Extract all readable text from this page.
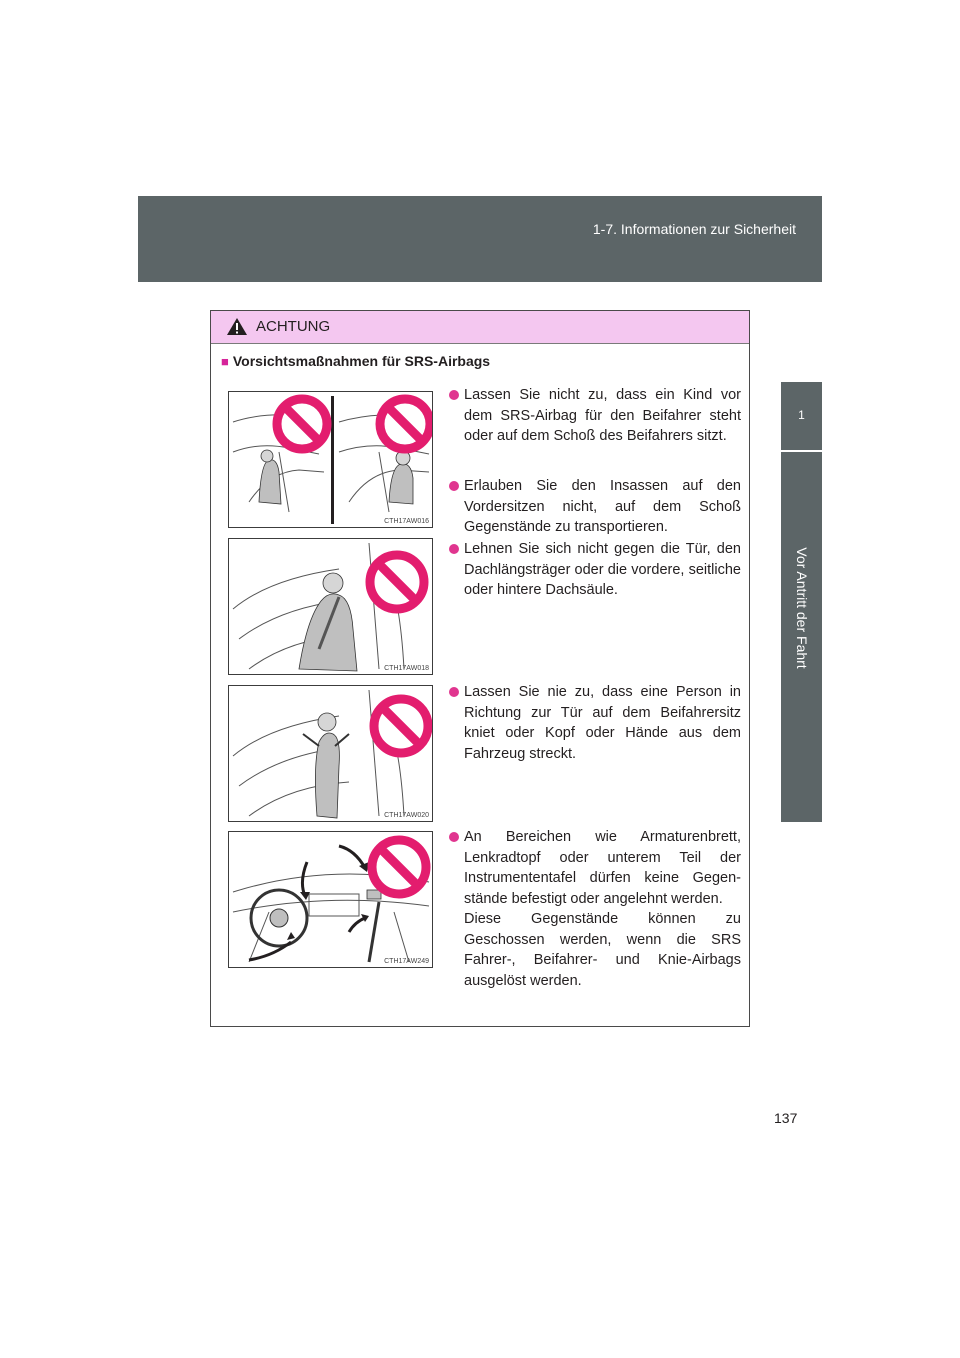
1-7. Informationen zur Sicherheit
1
Vor Antritt der Fahrt
ACHTUNG
■ Vorsichtsmaßnahmen für SRS-Airbags
CTH17AW016
CTH17AW018
CTH17AW020
CTH17AW249

Lassen Sie nicht zu, dass ein Kind vor dem SRS-Airbag für den Beifahrer steht oder auf dem Schoß des Beifahrers sitzt.

Erlauben Sie den Insassen auf den Vordersitzen nicht, auf dem Schoß Gegenstände zu transportieren.

Lehnen Sie sich nicht gegen die Tür, den Dachlängsträger oder die vordere, seitliche oder hintere Dachsäule.

Lassen Sie nie zu, dass eine Person in Richtung zur Tür auf dem Beifahrersitz kniet oder Kopf oder Hände aus dem Fahrzeug streckt.

An Bereichen wie Armaturenbrett, Lenkradtopf oder unterem Teil der Instrumententafel dürfen keine Gegenstände befestigt oder angelehnt werden.

Diese Gegenstände können zu Geschossen werden, wenn die SRS Fahrer-, Beifahrer- und Knie-Airbags ausgelöst werden.

137
